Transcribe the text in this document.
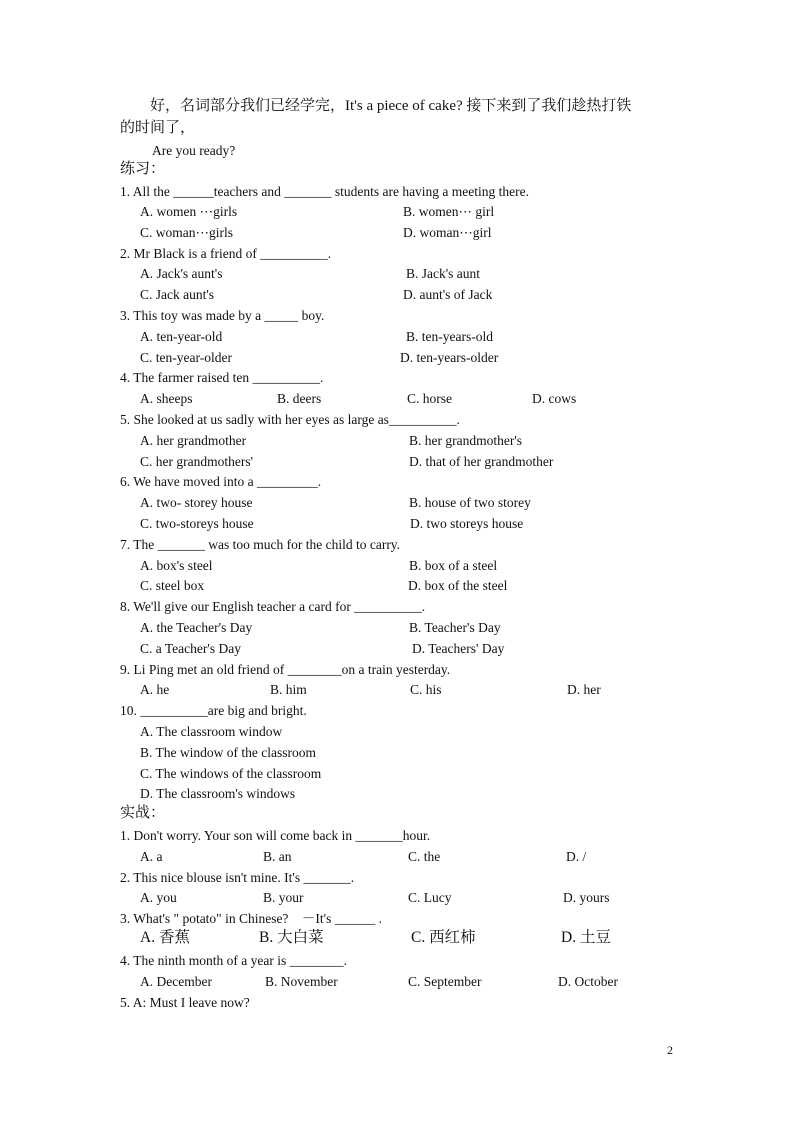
好，名词部分我们已经学完，It's a piece of cake? 接下来到了我们趁热打铁
的时间了，
Are you ready?
练习：
1. All the ______teachers and _______ students are having a meeting there.
A. women ⋯girls	B. women⋯ girl
C. woman⋯girls	D. woman⋯girl
2. Mr Black is a friend of __________.
A. Jack's aunt's	B. Jack's aunt
C. Jack aunt's	D. aunt's of Jack
3. This toy was made by a _____ boy.
A. ten-year-old	B. ten-years-old
C. ten-year-older	D. ten-years-older
4. The farmer raised ten __________.
A. sheeps	B. deers	C. horse	D. cows
5. She looked at us sadly with her eyes as large as__________.
A. her grandmother	B. her grandmother's
C. her grandmothers'	D. that of her grandmother
6. We have moved into a _________.
A. two- storey house	B. house of two storey
C. two-storeys house	D. two storeys house
7. The _______ was too much for the child to carry.
A. box's steel	B. box of a steel
C. steel box	D. box of the steel
8. We'll give our English teacher a card for __________.
A. the Teacher's Day	B. Teacher's Day
C. a Teacher's Day	D. Teachers' Day
9. Li Ping met an old friend of ________on a train yesterday.
A. he	B. him	C. his	D. her
10. __________are big and bright.
A. The classroom window
B. The window of the classroom
C. The windows of the classroom
D. The classroom's windows
实战：
1. Don't worry. Your son will come back in _______hour.
A. a	B. an	C. the	D. /
2. This nice blouse isn't mine. It's _______.
A. you	B. your	C. Lucy	D. yours
3. What's " potato" in Chinese?    －It's ______ .
A. 香蕉	B. 大白菜	C. 西红柿	D. 土豆
4. The ninth month of a year is ________.
A. December	B. November	C. September	D. October
5. A: Must I leave now?
2
